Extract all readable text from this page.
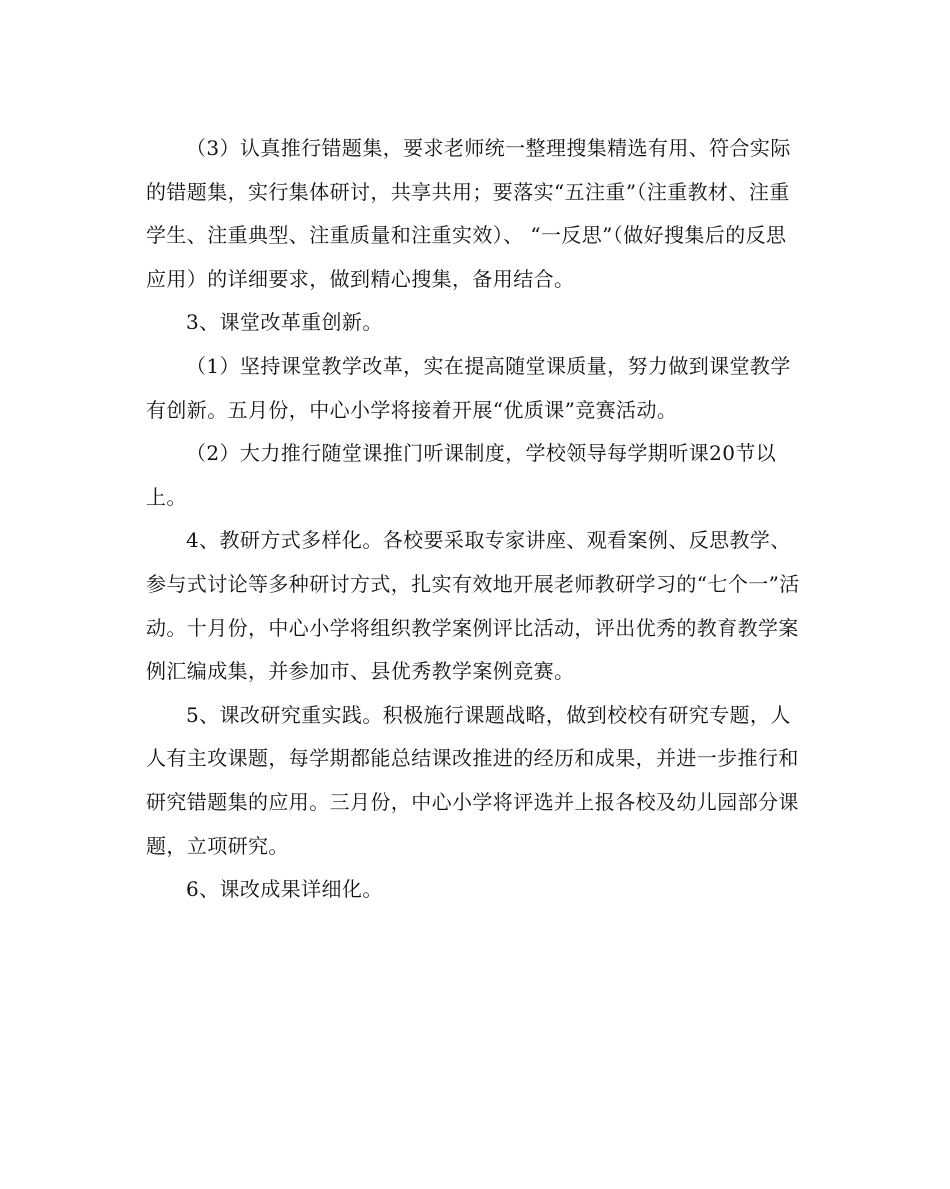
（3）认真推行错题集，要求老师统一整理搜集精选有用、符合实际的错题集，实行集体研讨，共享共用；要落实“五注重”（注重教材、注重学生、注重典型、注重质量和注重实效）、 “一反思”（做好搜集后的反思应用）的详细要求，做到精心搜集，备用结合。

3、课堂改革重创新。

（1）坚持课堂教学改革，实在提高随堂课质量，努力做到课堂教学有创新。五月份，中心小学将接着开展“优质课”竞赛活动。

（2）大力推行随堂课推门听课制度，学校领导每学期听课20节以上。

4、教研方式多样化。各校要采取专家讲座、观看案例、反思教学、参与式讨论等多种研讨方式，扎实有效地开展老师教研学习的“七个一”活动。十月份，中心小学将组织教学案例评比活动，评出优秀的教育教学案例汇编成集，并参加市、县优秀教学案例竞赛。

5、课改研究重实践。积极施行课题战略，做到校校有研究专题，人人有主攻课题，每学期都能总结课改推进的经历和成果，并进一步推行和研究错题集的应用。三月份，中心小学将评选并上报各校及幼儿园部分课题，立项研究。

6、课改成果详细化。
